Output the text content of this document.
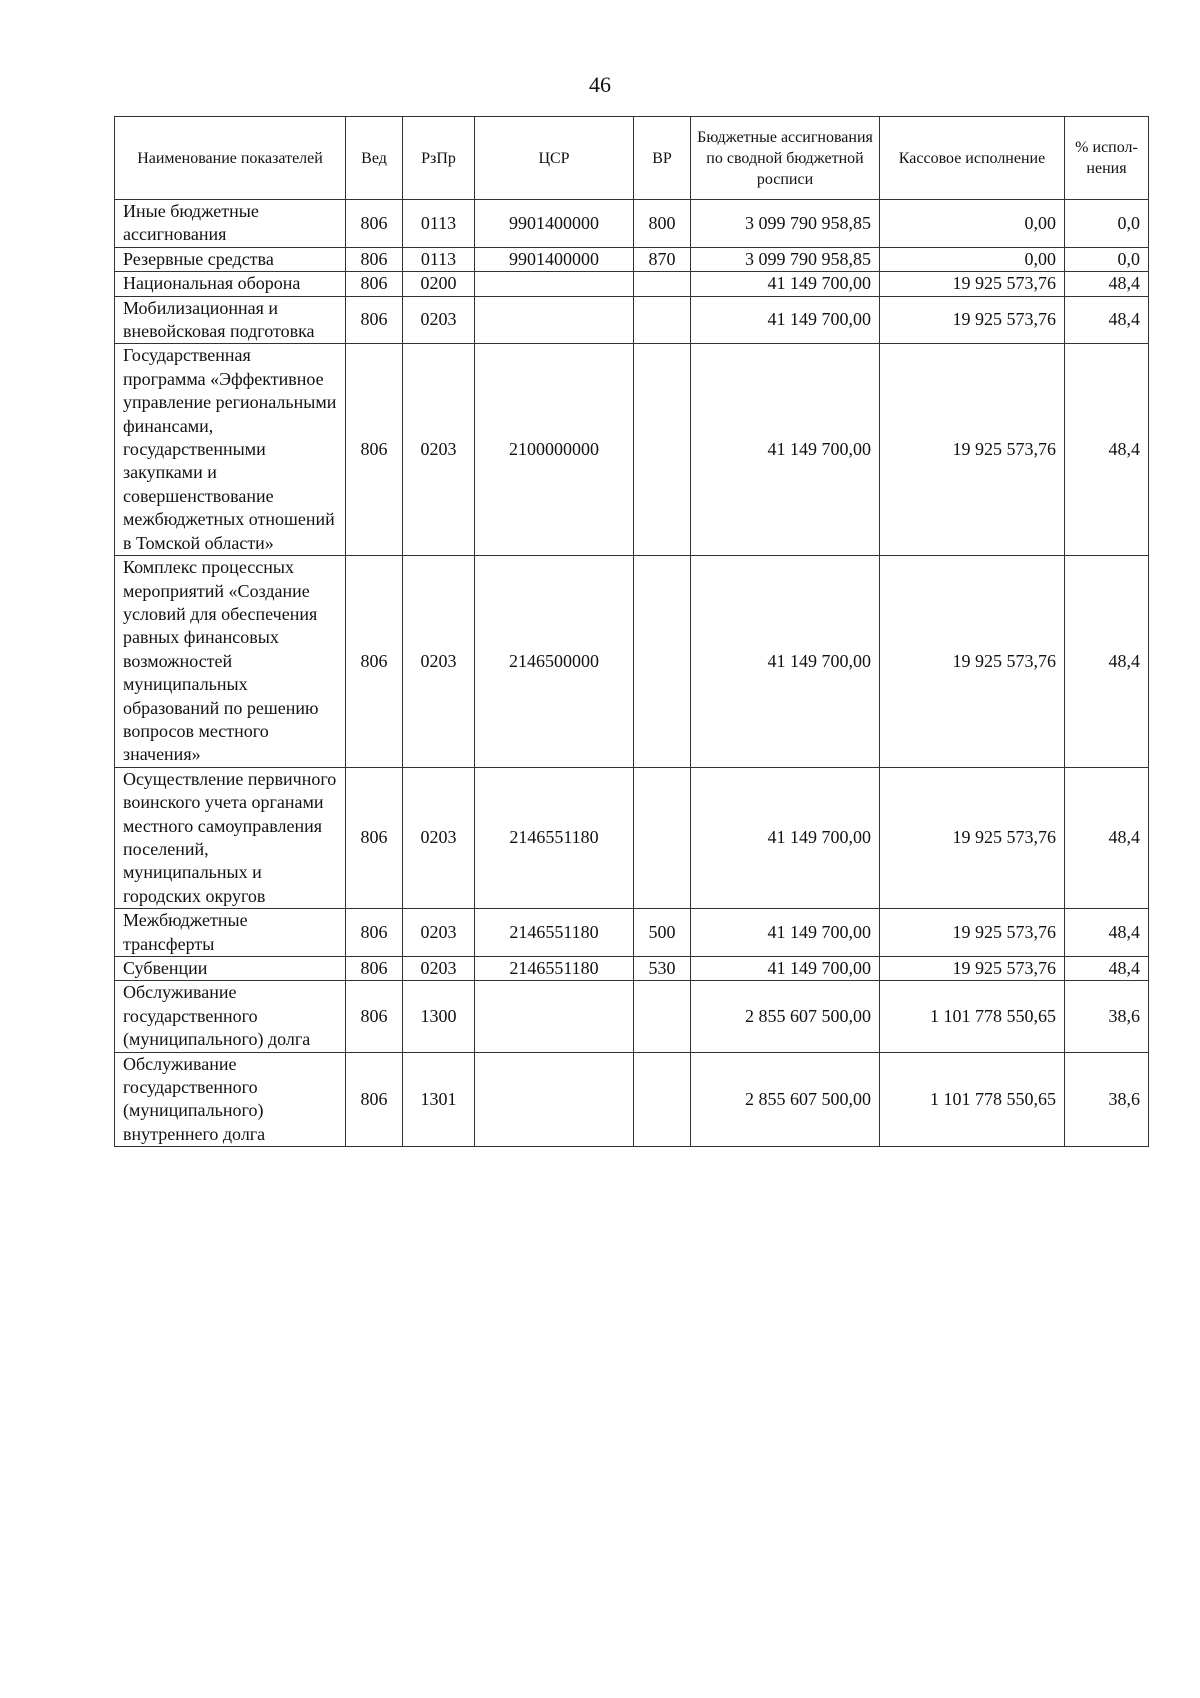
46
Наименование показателей	Вед	РзПр	ЦСР	ВР	Бюджетные ассигнования по сводной бюджетной росписи	Кассовое исполнение	% испол-нения
Иные бюджетные ассигнования	806	0113	9901400000	800	3 099 790 958,85	0,00	0,0
Резервные средства	806	0113	9901400000	870	3 099 790 958,85	0,00	0,0
Национальная оборона	806	0200			41 149 700,00	19 925 573,76	48,4
Мобилизационная и вневойсковая подготовка	806	0203			41 149 700,00	19 925 573,76	48,4
Государственная программа «Эффективное управление региональными финансами, государственными закупками и совершенствование межбюджетных отношений в Томской области»	806	0203	2100000000		41 149 700,00	19 925 573,76	48,4
Комплекс процессных мероприятий «Создание условий для обеспечения равных финансовых возможностей муниципальных образований по решению вопросов местного значения»	806	0203	2146500000		41 149 700,00	19 925 573,76	48,4
Осуществление первичного воинского учета органами местного самоуправления поселений, муниципальных и городских округов	806	0203	2146551180		41 149 700,00	19 925 573,76	48,4
Межбюджетные трансферты	806	0203	2146551180	500	41 149 700,00	19 925 573,76	48,4
Субвенции	806	0203	2146551180	530	41 149 700,00	19 925 573,76	48,4
Обслуживание государственного (муниципального) долга	806	1300			2 855 607 500,00	1 101 778 550,65	38,6
Обслуживание государственного (муниципального) внутреннего долга	806	1301			2 855 607 500,00	1 101 778 550,65	38,6
